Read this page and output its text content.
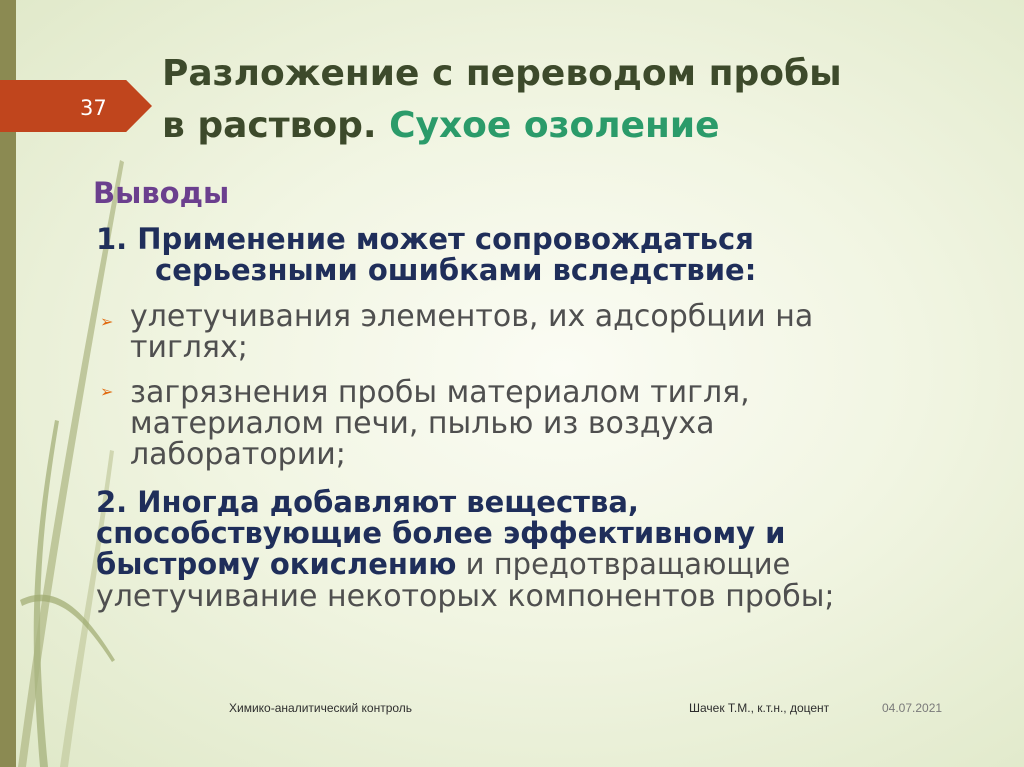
37
Разложение с переводом пробы
в раствор. Сухое озоление
Выводы
1. Применение может сопровождаться
серьезными ошибками вследствие:
➢ улетучивания элементов, их адсорбции на
тиглях;
➢ загрязнения пробы материалом тигля,
материалом печи, пылью из воздуха
лаборатории;
2. Иногда добавляют вещества,
способствующие более эффективному и
быстрому окислению и предотвращающие
улетучивание некоторых компонентов пробы;
Химико-аналитический контроль	Шачек Т.М., к.т.н., доцент	04.07.2021
